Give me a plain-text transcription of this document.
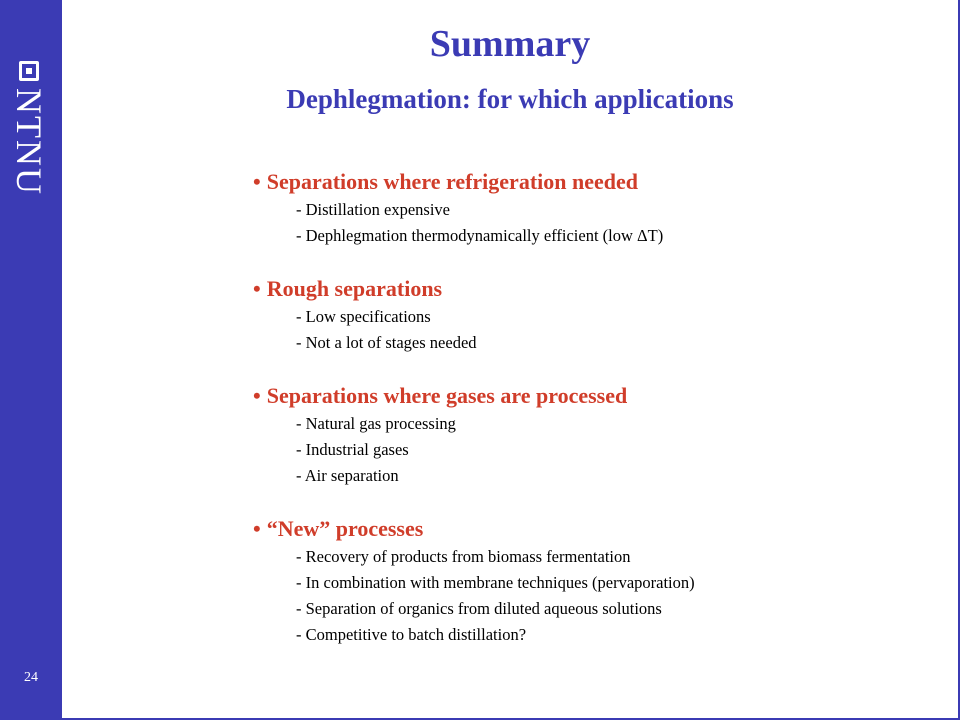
NTNU
24
Summary
Dephlegmation: for which applications
• Separations where refrigeration needed
- Distillation expensive
- Dephlegmation thermodynamically efficient (low ΔT)
• Rough separations
- Low specifications
- Not a lot of stages needed
• Separations where gases are processed
- Natural gas processing
- Industrial gases
- Air separation
• “New” processes
- Recovery of products from biomass fermentation
- In combination with membrane techniques (pervaporation)
- Separation of organics from diluted aqueous solutions
- Competitive to batch distillation?
